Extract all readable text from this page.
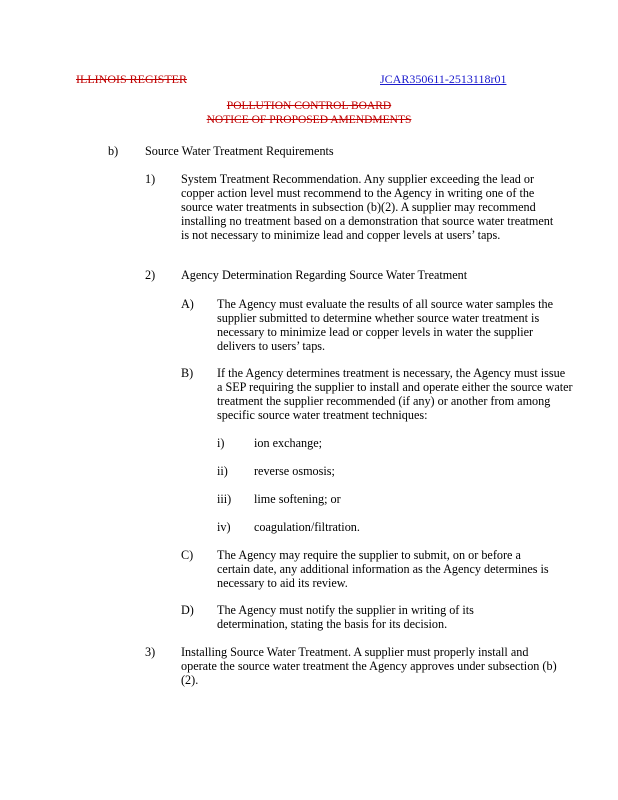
ILLINOIS REGISTER	JCAR350611-2513118r01
POLLUTION CONTROL BOARD
NOTICE OF PROPOSED AMENDMENTS
b) Source Water Treatment Requirements
1) System Treatment Recommendation. Any supplier exceeding the lead or copper action level must recommend to the Agency in writing one of the source water treatments in subsection (b)(2). A supplier may recommend installing no treatment based on a demonstration that source water treatment is not necessary to minimize lead and copper levels at users’ taps.
2) Agency Determination Regarding Source Water Treatment
A) The Agency must evaluate the results of all source water samples the supplier submitted to determine whether source water treatment is necessary to minimize lead or copper levels in water the supplier delivers to users’ taps.
B) If the Agency determines treatment is necessary, the Agency must issue a SEP requiring the supplier to install and operate either the source water treatment the supplier recommended (if any) or another from among specific source water treatment techniques:
i) ion exchange;
ii) reverse osmosis;
iii) lime softening; or
iv) coagulation/filtration.
C) The Agency may require the supplier to submit, on or before a certain date, any additional information as the Agency determines is necessary to aid its review.
D) The Agency must notify the supplier in writing of its determination, stating the basis for its decision.
3) Installing Source Water Treatment. A supplier must properly install and operate the source water treatment the Agency approves under subsection (b)(2).
